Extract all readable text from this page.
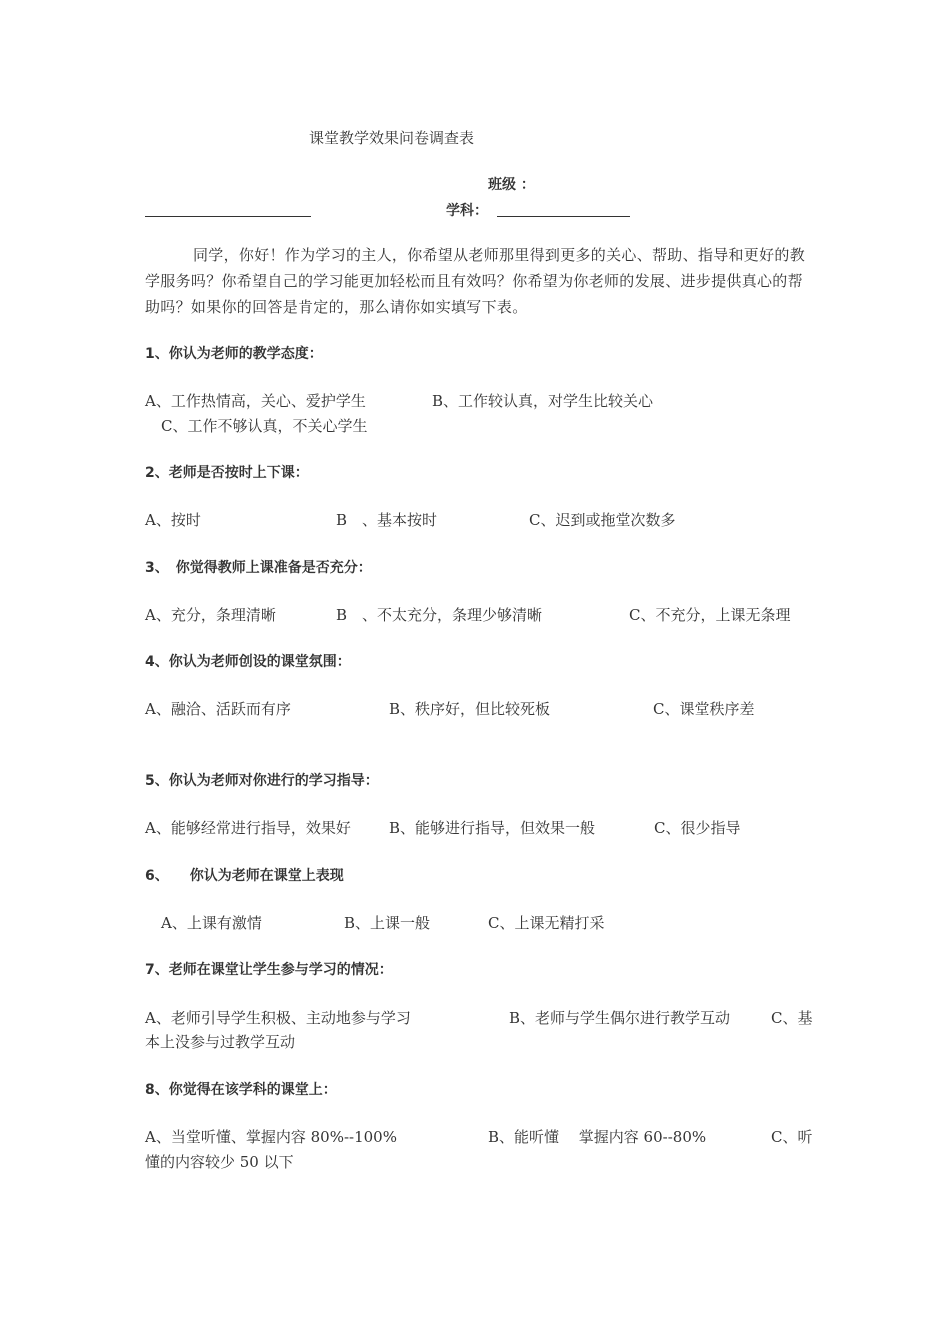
课堂教学效果问卷调查表
班级 ：
学科：
同学，你好！作为学习的主人，你希望从老师那里得到更多的关心、帮助、指导和更好的教学服务吗？你希望自己的学习能更加轻松而且有效吗？你希望为你老师的发展、进步提供真心的帮助吗？如果你的回答是肯定的，那么请你如实填写下表。
1、你认为老师的教学态度：
A、工作热情高，关心、爱护学生	B、工作较认真，对学生比较关心
C、工作不够认真，不关心学生
2、老师是否按时上下课：
A、按时	B　、基本按时	C、迟到或拖堂次数多
3、　你觉得教师上课准备是否充分：
A、充分，条理清晰	B　、不太充分，条理少够清晰	C、不充分，上课无条理
4、你认为老师创设的课堂氛围：
A、融洽、活跃而有序	B、秩序好，但比较死板	C、课堂秩序差
5、你认为老师对你进行的学习指导：
A、能够经常进行指导，效果好	B、能够进行指导，但效果一般	C、很少指导
6、　　你认为老师在课堂上表现
A、上课有激情	B、上课一般	C、上课无精打采
7、老师在课堂让学生参与学习的情况：
A、老师引导学生积极、主动地参与学习	B、老师与学生偶尔进行教学互动	C、基
本上没参与过教学互动
8、你觉得在该学科的课堂上：
A、当堂听懂、掌握内容 80%--100%	B、能听懂　 掌握内容 60--80%	C、听
懂的内容较少 50 以下
